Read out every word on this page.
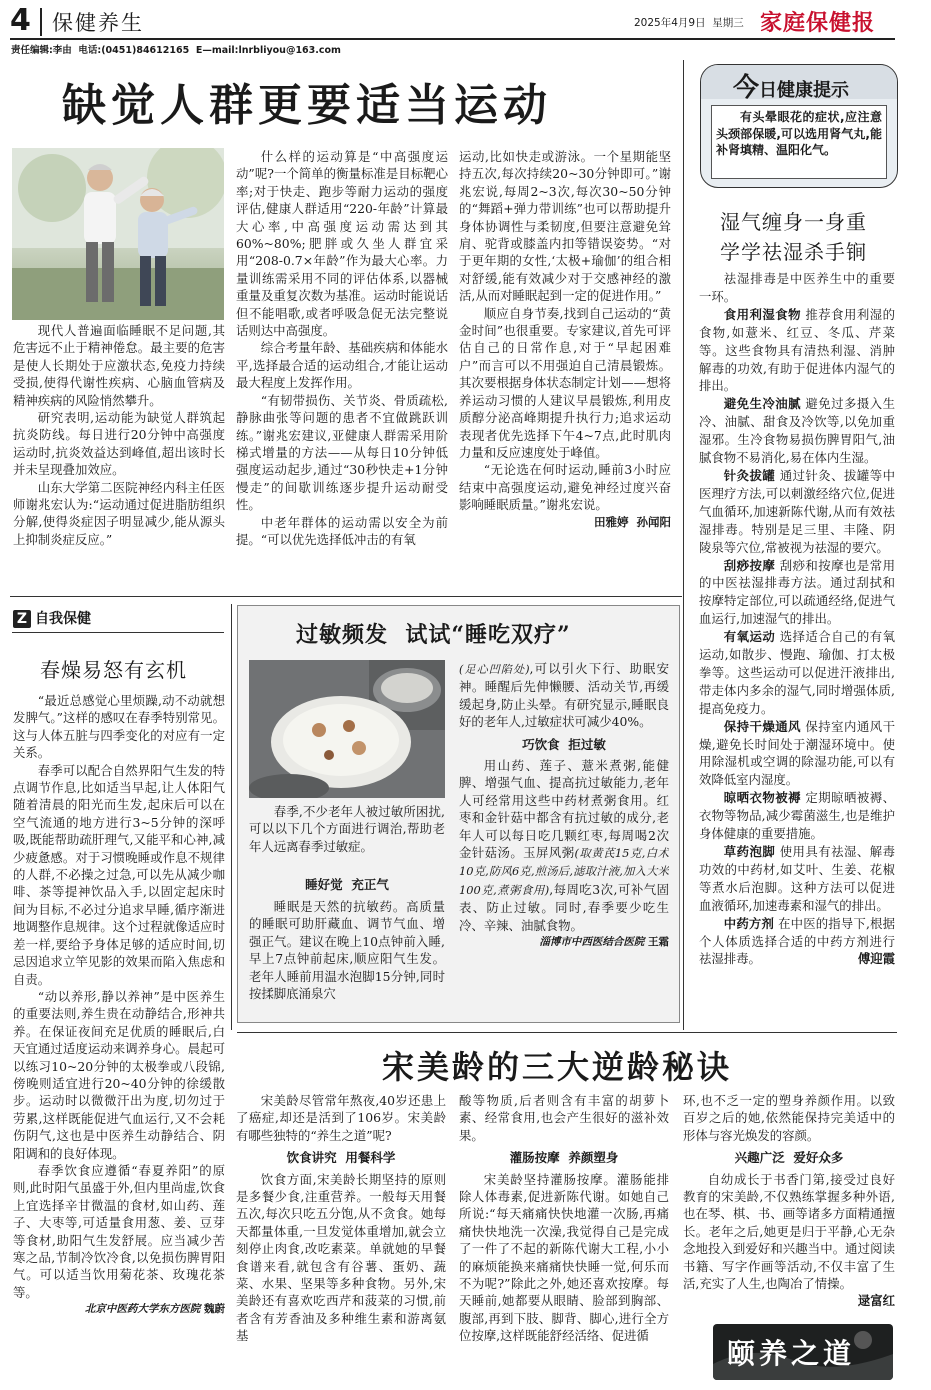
4 保健养生	2025年4月9日  星期三 家庭保健报
责任编辑:李由  电话:(0451)84612165  E—mail:lnrbliyou@163.com
缺觉人群更要适当运动

现代人普遍面临睡眠不足问题,其危害远不止于精神倦怠。最主要的危害是使人长期处于应激状态,免疫力持续受损,使得代谢性疾病、心脑血管病及精神疾病的风险悄然攀升。

研究表明,运动能为缺觉人群筑起抗炎防线。每日进行20分钟中高强度运动时,抗炎效益达到峰值,超出该时长并未呈现叠加效应。

山东大学第二医院神经内科主任医师谢兆宏认为:“运动通过促进脂肪组织分解,使得炎症因子明显减少,能从源头上抑制炎症反应。”

什么样的运动算是“中高强度运动”呢?一个简单的衡量标准是目标靶心率;对于快走、跑步等耐力运动的强度评估,健康人群适用“220-年龄”计算最大心率,中高强度运动需达到其60%~80%;肥胖或久坐人群宜采用“208-0.7×年龄”作为最大心率。力量训练需采用不同的评估体系,以器械重量及重复次数为基准。运动时能说话但不能唱歌,或者呼吸急促无法完整说话则达中高强度。

综合考量年龄、基础疾病和体能水平,选择最合适的运动组合,才能让运动最大程度上发挥作用。

“有韧带损伤、关节炎、骨质疏松,静脉曲张等问题的患者不宜做跳跃训练。”谢兆宏建议,亚健康人群需采用阶梯式增量的方法——从每日10分钟低强度运动起步,通过“30秒快走+1分钟慢走”的间歇训练逐步提升运动耐受性。

中老年群体的运动需以安全为前提。“可以优先选择低冲击的有氧

运动,比如快走或游泳。一个星期能坚持五次,每次持续20~30分钟即可。”谢兆宏说,每周2~3次,每次30~50分钟的“舞蹈+弹力带训练”也可以帮助提升身体协调性与柔韧度,但要注意避免耸肩、驼背或膝盖内扣等错误姿势。“对于更年期的女性,‘太极+瑜伽’的组合相对舒缓,能有效减少对于交感神经的激活,从而对睡眠起到一定的促进作用。”

顺应自身节奏,找到自己运动的“黄金时间”也很重要。专家建议,首先可评估自己的日常作息,对于“早起困难户”而言可以不用强迫自己清晨锻炼。其次要根据身体状态制定计划——想将养运动习惯的人建议早晨锻炼,利用皮质醇分泌高峰期提升执行力;追求运动表现者优先选择下午4~7点,此时肌肉力量和反应速度处于峰值。

“无论选在何时运动,睡前3小时应结束中高强度运动,避免神经过度兴奋影响睡眠质量。”谢兆宏说。

田雅婷  孙闻阳
今日健康提示
有头晕眼花的症状,应注意头颈部保暖,可以选用肾气丸,能补肾填精、温阳化气。
湿气缠身一身重
学学祛湿杀手锏

祛湿排毒是中医养生中的重要一环。

食用利湿食物 推荐食用利湿的食物,如薏米、红豆、冬瓜、芹菜等。这些食物具有清热利湿、消肿解毒的功效,有助于促进体内湿气的排出。

避免生冷油腻 避免过多摄入生冷、油腻、甜食及冷饮等,以免加重湿邪。生冷食物易损伤脾胃阳气,油腻食物不易消化,易在体内生湿。

针灸拔罐 通过针灸、拔罐等中医理疗方法,可以刺激经络穴位,促进气血循环,加速新陈代谢,从而有效祛湿排毒。特别是足三里、丰隆、阴陵泉等穴位,常被视为祛湿的要穴。

刮痧按摩 刮痧和按摩也是常用的中医祛湿排毒方法。通过刮拭和按摩特定部位,可以疏通经络,促进气血运行,加速湿气的排出。

有氧运动 选择适合自己的有氧运动,如散步、慢跑、瑜伽、打太极拳等。这些运动可以促进汗液排出,带走体内多余的湿气,同时增强体质,提高免疫力。

保持干燥通风 保持室内通风干燥,避免长时间处于潮湿环境中。使用除湿机或空调的除湿功能,可以有效降低室内湿度。

晾晒衣物被褥 定期晾晒被褥、衣物等物品,减少霉菌滋生,也是维护身体健康的重要措施。

草药泡脚 使用具有祛湿、解毒功效的中药材,如艾叶、生姜、花椒等煮水后泡脚。这种方法可以促进血液循环,加速毒素和湿气的排出。

中药方剂 在中医的指导下,根据个人体质选择合适的中药方剂进行祛湿排毒。	傅迎霞

Z 自我保健
春燥易怒有玄机

“最近总感觉心里烦躁,动不动就想发脾气。”这样的感叹在春季特别常见。这与人体五脏与四季变化的对应有一定关系。

春季可以配合自然界阳气生发的特点调节作息,比如适当早起,让人体阳气随着清晨的阳光而生发,起床后可以在空气流通的地方进行3~5分钟的深呼吸,既能帮助疏肝理气,又能平和心神,减少疲惫感。对于习惯晚睡或作息不规律的人群,不必操之过急,可以先从减少咖啡、茶等提神饮品入手,以固定起床时间为目标,不必过分追求早睡,循序渐进地调整作息规律。这个过程就像适应时差一样,要给予身体足够的适应时间,切忌因追求立竿见影的效果而陷入焦虑和自责。

“动以养形,静以养神”是中医养生的重要法则,养生贵在动静结合,形神共养。在保证夜间充足优质的睡眠后,白天宜通过适度运动来调养身心。晨起可以练习10~20分钟的太极拳或八段锦,傍晚则适宜进行20~40分钟的徐缓散步。运动时以微微汗出为度,切勿过于劳累,这样既能促进气血运行,又不会耗伤阴气,这也是中医养生动静结合、阴阳调和的良好体现。

春季饮食应遵循“春夏养阳”的原则,此时阳气虽盛于外,但内里尚虚,饮食上宜选择辛甘微温的食材,如山药、莲子、大枣等,可适量食用葱、姜、豆芽等食材,助阳气生发舒展。应当减少苦寒之品,节制冷饮冷食,以免损伤脾胃阳气。可以适当饮用菊花茶、玫瑰花茶等。

北京中医药大学东方医院 魏蔚
过敏频发  试试“睡吃双疗”

春季,不少老年人被过敏所困扰,可以以下几个方面进行调治,帮助老年人远离春季过敏症。

睡好觉  充正气

睡眠是天然的抗敏药。高质量的睡眠可助肝藏血、调节气血、增强正气。建议在晚上10点钟前入睡,早上7点钟前起床,顺应阳气生发。老年人睡前用温水泡脚15分钟,同时按揉脚底涌泉穴

(足心凹陷处),可以引火下行、助眠安神。睡醒后先伸懒腰、活动关节,再缓缓起身,防止头晕。有研究显示,睡眠良好的老年人,过敏症状可减少40%。

巧饮食  拒过敏

用山药、莲子、薏米煮粥,能健脾、增强气血、提高抗过敏能力,老年人可经常用这些中药材煮粥食用。红枣和金针菇中都含有抗过敏的成分,老年人可以每日吃几颗红枣,每周喝2次金针菇汤。玉屏风粥(取黄芪15克,白术10克,防风6克,煎汤后,滤取汁液,加入大米100克,煮粥食用),每周吃3次,可补气固表、防止过敏。同时,春季要少吃生冷、辛辣、油腻食物。

淄博市中西医结合医院 王霜
宋美龄的三大逆龄秘诀

宋美龄尽管常年熬夜,40岁还患上了癌症,却还是活到了106岁。宋美龄有哪些独特的“养生之道”呢?

饮食讲究  用餐科学

饮食方面,宋美龄长期坚持的原则是多餐少食,注重营养。一般每天用餐五次,每次只吃五分饱,从不贪食。她每天都量体重,一旦发觉体重增加,就会立刻停止肉食,改吃素菜。单就她的早餐食谱来看,就包含有谷薯、蛋奶、蔬菜、水果、坚果等多种食物。另外,宋美龄还有喜欢吃西芹和菠菜的习惯,前者含有芳香油及多种维生素和游离氨基

酸等物质,后者则含有丰富的胡萝卜素、经常食用,也会产生很好的滋补效果。

灌肠按摩  养颜塑身

宋美龄坚持灌肠按摩。灌肠能排除人体毒素,促进新陈代谢。如她自己所说:“每天痛痛快快地灌一次肠,再痛痛快快地洗一次澡,我觉得自己是完成了一件了不起的新陈代谢大工程,小小的麻烦能换来痛痛快快睡一觉,何乐而不为呢?”除此之外,她还喜欢按摩。每天睡前,她都要从眼睛、脸部到胸部、腹部,再到下肢、脚背、脚心,进行全方位按摩,这样既能舒经活络、促进循

环,也不乏一定的塑身养颜作用。以致百岁之后的她,依然能保持完美适中的形体与容光焕发的容颜。

兴趣广泛  爱好众多

自幼成长于书香门第,接受过良好教育的宋美龄,不仅熟练掌握多种外语,也在琴、棋、书、画等诸多方面精通擅长。老年之后,她更是归于平静,心无杂念地投入到爱好和兴趣当中。通过阅读书籍、写字作画等活动,不仅丰富了生活,充实了人生,也陶冶了情操。
逯富红

颐养之道
